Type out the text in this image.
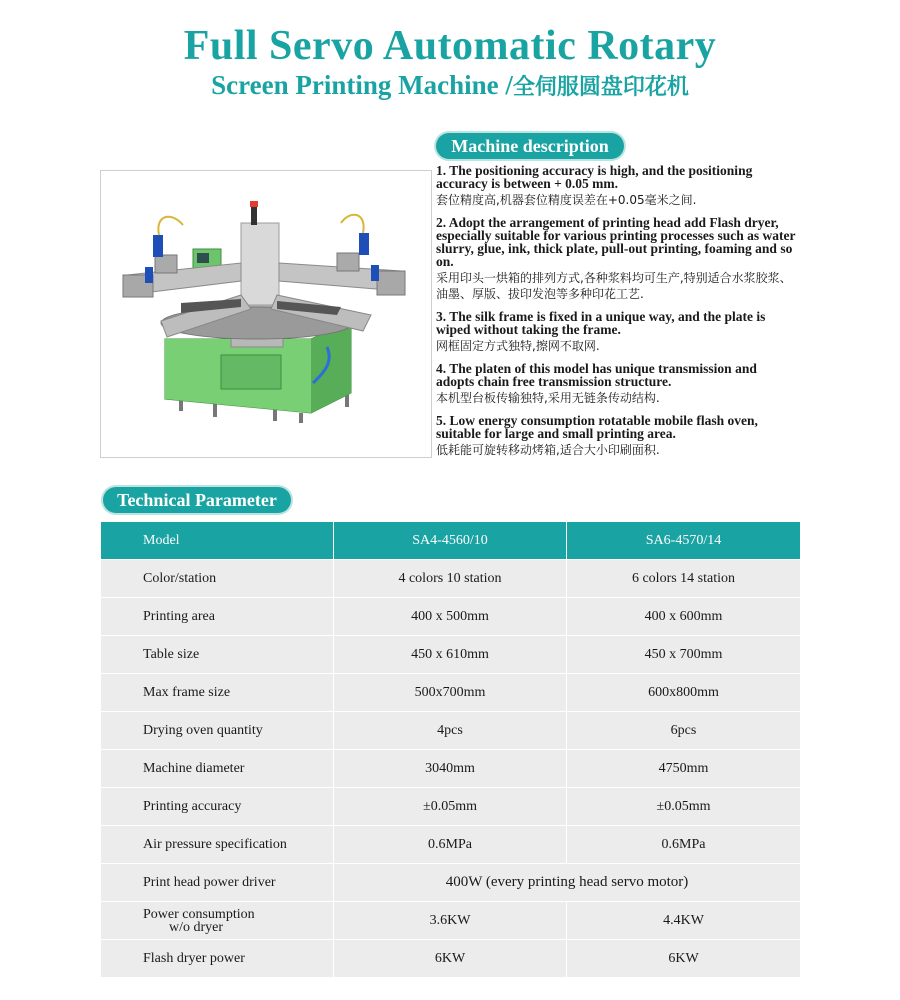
Full Servo Automatic Rotary
Screen Printing Machine /全伺服圆盘印花机
Machine description
1. The positioning accuracy is high, and the positioning accuracy is between + 0.05 mm.
套位精度高,机器套位精度误差在+0.05毫米之间.
2. Adopt the arrangement of printing head add Flash dryer, especially suitable for various printing processes such as water slurry, glue, ink, thick plate, pull-out printing, foaming and so on.
采用印头一烘箱的排列方式,各种浆料均可生产,特别适合水浆胶浆、油墨、厚版、拔印发泡等多种印花工艺.
3. The silk frame is fixed in a unique way, and the plate is wiped without taking the frame.
网框固定方式独特,擦网不取网.
4. The platen of this model has unique transmission and adopts chain free transmission structure.
本机型台板传输独特,采用无链条传动结构.
5. Low energy consumption rotatable mobile flash oven, suitable for large and small printing area.
低耗能可旋转移动烤箱,适合大小印刷面积.
Technical Parameter
Model	SA4-4560/10	SA6-4570/14
Color/station	4 colors 10 station	6 colors 14 station
Printing area	400 x 500mm	400 x 600mm
Table size	450 x 610mm	450 x 700mm
Max frame size	500x700mm	600x800mm
Drying oven quantity	4pcs	6pcs
Machine diameter	3040mm	4750mm
Printing accuracy	±0.05mm	±0.05mm
Air pressure specification	0.6MPa	0.6MPa
Print head power driver	400W (every printing head servo motor)	

Power consumption
w/o dryer	3.6KW	4.4KW
Flash dryer power	6KW	6KW
